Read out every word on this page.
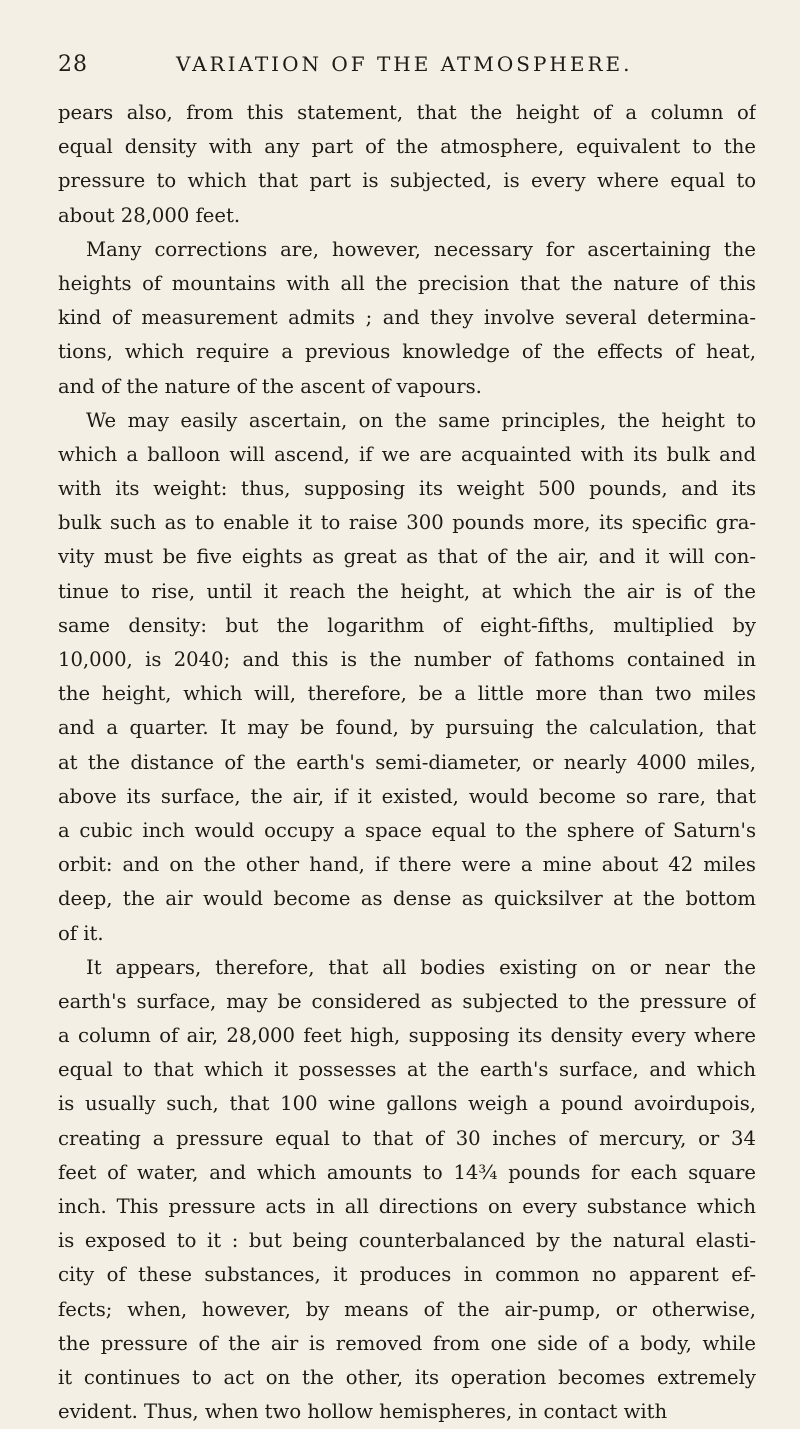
28	VARIATION OF THE ATMOSPHERE.
pears also, from this statement, that the height of a column of
equal density with any part of the atmosphere, equivalent to the
pressure to which that part is subjected, is every where equal to
about 28,000 feet.
Many corrections are, however, necessary for ascertaining the
heights of mountains with all the precision that the nature of this
kind of measurement admits ; and they involve several determina-
tions, which require a previous knowledge of the effects of heat,
and of the nature of the ascent of vapours.
We may easily ascertain, on the same principles, the height to
which a balloon will ascend, if we are acquainted with its bulk and
with its weight: thus, supposing its weight 500 pounds, and its
bulk such as to enable it to raise 300 pounds more, its specific gra-
vity must be five eights as great as that of the air, and it will con-
tinue to rise, until it reach the height, at which the air is of the
same density: but the logarithm of eight-fifths, multiplied by
10,000, is 2040; and this is the number of fathoms contained in
the height, which will, therefore, be a little more than two miles
and a quarter. It may be found, by pursuing the calculation, that
at the distance of the earth's semi-diameter, or nearly 4000 miles,
above its surface, the air, if it existed, would become so rare, that
a cubic inch would occupy a space equal to the sphere of Saturn's
orbit: and on the other hand, if there were a mine about 42 miles
deep, the air would become as dense as quicksilver at the bottom
of it.
It appears, therefore, that all bodies existing on or near the
earth's surface, may be considered as subjected to the pressure of
a column of air, 28,000 feet high, supposing its density every where
equal to that which it possesses at the earth's surface, and which
is usually such, that 100 wine gallons weigh a pound avoirdupois,
creating a pressure equal to that of 30 inches of mercury, or 34
feet of water, and which amounts to 14¾ pounds for each square
inch. This pressure acts in all directions on every substance which
is exposed to it : but being counterbalanced by the natural elasti-
city of these substances, it produces in common no apparent ef-
fects; when, however, by means of the air-pump, or otherwise,
the pressure of the air is removed from one side of a body, while
it continues to act on the other, its operation becomes extremely
evident. Thus, when two hollow hemispheres, in contact with
